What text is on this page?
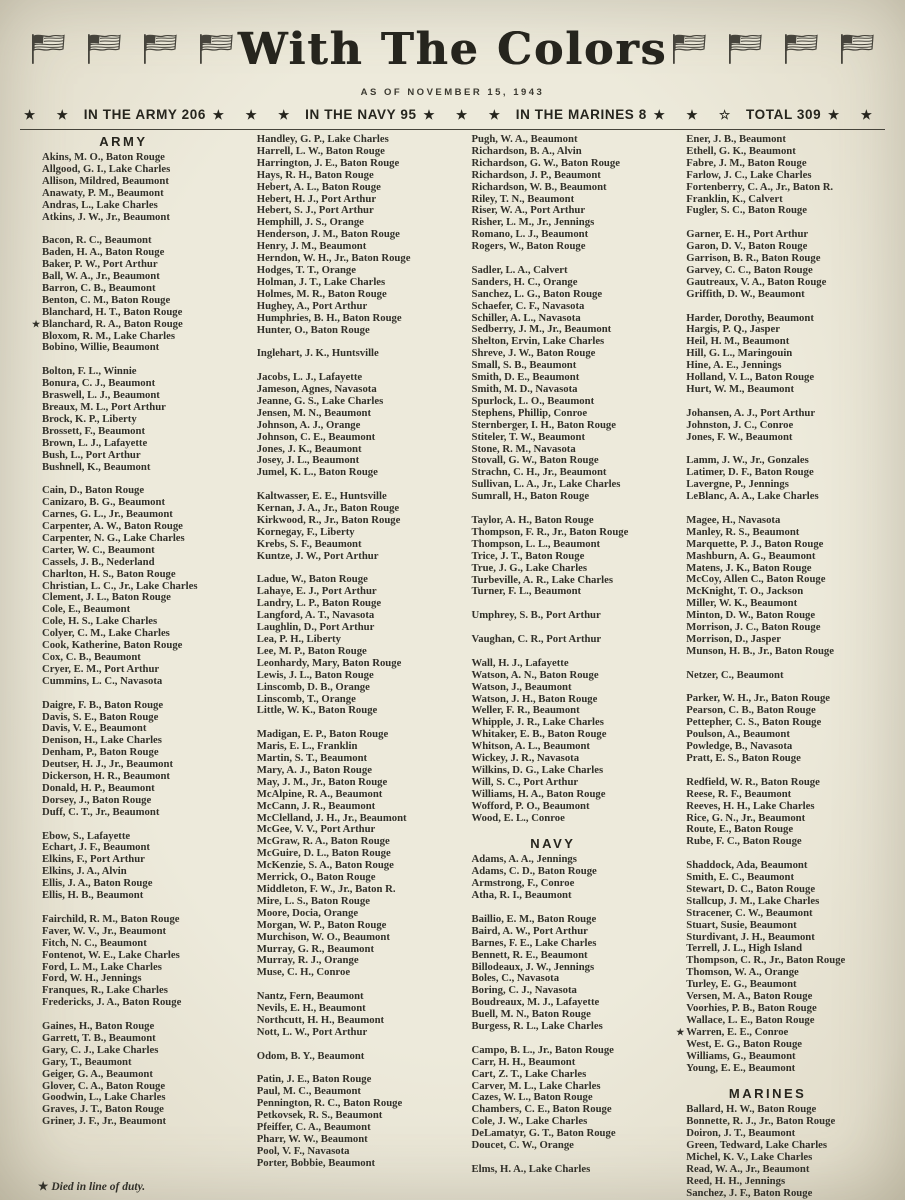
With The Colors
AS OF NOVEMBER 15, 1943
★ ★ IN THE ARMY 206 ★ ★ ★ IN THE NAVY 95 ★ ★ ★ IN THE MARINES 8 ★ ★ ☆ TOTAL 309 ★ ★
ARMY
Akins, M. O., Baton Rouge
Allgood, G. I., Lake Charles
Allison, Mildred, Beaumont
Anawaty, P. M., Beaumont
Andras, L., Lake Charles
Atkins, J. W., Jr., Beaumont
Bacon, R. C., Beaumont
Baden, H. A., Baton Rouge
Baker, P. W., Port Arthur
Ball, W. A., Jr., Beaumont
Barron, C. B., Beaumont
Benton, C. M., Baton Rouge
Blanchard, H. T., Baton Rouge
★ Blanchard, R. A., Baton Rouge
Bloxom, R. M., Lake Charles
Bobino, Willie, Beaumont
Bolton, F. L., Winnie
Bonura, C. J., Beaumont
Braswell, L. J., Beaumont
Breaux, M. L., Port Arthur
Brock, K. P., Liberty
Brossett, F., Beaumont
Brown, L. J., Lafayette
Bush, L., Port Arthur
Bushnell, K., Beaumont
Cain, D., Baton Rouge
Canizaro, B. G., Beaumont
Carnes, G. L., Jr., Beaumont
Carpenter, A. W., Baton Rouge
Carpenter, N. G., Lake Charles
Carter, W. C., Beaumont
Cassels, J. B., Nederland
Charlton, H. S., Baton Rouge
Christian, L. C., Jr., Lake Charles
Clement, J. L., Baton Rouge
Cole, E., Beaumont
Cole, H. S., Lake Charles
Colyer, C. M., Lake Charles
Cook, Katherine, Baton Rouge
Cox, C. B., Beaumont
Cryer, E. M., Port Arthur
Cummins, L. C., Navasota
Daigre, F. B., Baton Rouge
Davis, S. E., Baton Rouge
Davis, V. E., Beaumont
Denison, H., Lake Charles
Denham, P., Baton Rouge
Deutser, H. J., Jr., Beaumont
Dickerson, H. R., Beaumont
Donald, H. P., Beaumont
Dorsey, J., Baton Rouge
Duff, C. T., Jr., Beaumont
Ebow, S., Lafayette
Echart, J. F., Beaumont
Elkins, F., Port Arthur
Elkins, J. A., Alvin
Ellis, J. A., Baton Rouge
Ellis, H. B., Beaumont
Fairchild, R. M., Baton Rouge
Faver, W. V., Jr., Beaumont
Fitch, N. C., Beaumont
Fontenot, W. E., Lake Charles
Ford, L. M., Lake Charles
Ford, W. H., Jennings
Franques, R., Lake Charles
Fredericks, J. A., Baton Rouge
Gaines, H., Baton Rouge
Garrett, T. B., Beaumont
Gary, C. J., Lake Charles
Gary, T., Beaumont
Geiger, G. A., Beaumont
Glover, C. A., Baton Rouge
Goodwin, L., Lake Charles
Graves, J. T., Baton Rouge
Griner, J. F., Jr., Beaumont
Handley, G. P., Lake Charles
Harrell, L. W., Baton Rouge
Harrington, J. E., Baton Rouge
Hays, R. H., Baton Rouge
Hebert, A. L., Baton Rouge
Hebert, H. J., Port Arthur
Hebert, S. J., Port Arthur
Hemphill, J. S., Orange
Henderson, J. M., Baton Rouge
Henry, J. M., Beaumont
Herndon, W. H., Jr., Baton Rouge
Hodges, T. T., Orange
Holman, J. T., Lake Charles
Holmes, M. R., Baton Rouge
Hughey, A., Port Arthur
Humphries, B. H., Baton Rouge
Hunter, O., Baton Rouge
Inglehart, J. K., Huntsville
Jacobs, L. J., Lafayette
Jameson, Agnes, Navasota
Jeanne, G. S., Lake Charles
Jensen, M. N., Beaumont
Johnson, A. J., Orange
Johnson, C. E., Beaumont
Jones, J. K., Beaumont
Josey, J. L., Beaumont
Jumel, K. L., Baton Rouge
Kaltwasser, E. E., Huntsville
Kernan, J. A., Jr., Baton Rouge
Kirkwood, R., Jr., Baton Rouge
Kornegay, F., Liberty
Krebs, S. F., Beaumont
Kuntze, J. W., Port Arthur
Ladue, W., Baton Rouge
Lahaye, E. J., Port Arthur
Landry, L. P., Baton Rouge
Langford, A. T., Navasota
Laughlin, D., Port Arthur
Lea, P. H., Liberty
Lee, M. P., Baton Rouge
Leonhardy, Mary, Baton Rouge
Lewis, J. L., Baton Rouge
Linscomb, D. B., Orange
Linscomb, T., Orange
Little, W. K., Baton Rouge
Madigan, E. P., Baton Rouge
Maris, E. L., Franklin
Martin, S. T., Beaumont
Mary, A. J., Baton Rouge
May, J. M., Jr., Baton Rouge
McAlpine, R. A., Beaumont
McCann, J. R., Beaumont
McClelland, J. H., Jr., Beaumont
McGee, V. V., Port Arthur
McGraw, R. A., Baton Rouge
McGuire, D. L., Baton Rouge
McKenzie, S. A., Baton Rouge
Merrick, O., Baton Rouge
Middleton, F. W., Jr., Baton R.
Mire, L. S., Baton Rouge
Moore, Docia, Orange
Morgan, W. P., Baton Rouge
Murchison, W. O., Beaumont
Murray, G. R., Beaumont
Murray, R. J., Orange
Muse, C. H., Conroe
Nantz, Fern, Beaumont
Nevils, E. H., Beaumont
Northcutt, H. H., Beaumont
Nott, L. W., Port Arthur
Odom, B. Y., Beaumont
Patin, J. E., Baton Rouge
Paul, M. C., Beaumont
Pennington, R. C., Baton Rouge
Petkovsek, R. S., Beaumont
Pfeiffer, C. A., Beaumont
Pharr, W. W., Beaumont
Pool, V. F., Navasota
Porter, Bobbie, Beaumont
Pugh, W. A., Beaumont
Richardson, B. A., Alvin
Richardson, G. W., Baton Rouge
Richardson, J. P., Beaumont
Richardson, W. B., Beaumont
Riley, T. N., Beaumont
Riser, W. A., Port Arthur
Risher, L. M., Jr., Jennings
Romano, L. J., Beaumont
Rogers, W., Baton Rouge
Sadler, L. A., Calvert
Sanders, H. C., Orange
Sanchez, L. G., Baton Rouge
Schaefer, C. F., Navasota
Schiller, A. L., Navasota
Sedberry, J. M., Jr., Beaumont
Shelton, Ervin, Lake Charles
Shreve, J. W., Baton Rouge
Small, S. B., Beaumont
Smith, D. E., Beaumont
Smith, M. D., Navasota
Spurlock, L. O., Beaumont
Stephens, Phillip, Conroe
Sternberger, I. H., Baton Rouge
Stiteler, T. W., Beaumont
Stone, R. M., Navasota
Stovall, G. W., Baton Rouge
Strachn, C. H., Jr., Beaumont
Sullivan, L. A., Jr., Lake Charles
Sumrall, H., Baton Rouge
Taylor, A. H., Baton Rouge
Thompson, F. R., Jr., Baton Rouge
Thompson, L. L., Beaumont
Trice, J. T., Baton Rouge
True, J. G., Lake Charles
Turbeville, A. R., Lake Charles
Turner, F. L., Beaumont
Umphrey, S. B., Port Arthur
Vaughan, C. R., Port Arthur
Wall, H. J., Lafayette
Watson, A. N., Baton Rouge
Watson, J., Beaumont
Watson, J. H., Baton Rouge
Weller, F. R., Beaumont
Whipple, J. R., Lake Charles
Whitaker, E. B., Baton Rouge
Whitson, A. L., Beaumont
Wickey, J. R., Navasota
Wilkins, D. G., Lake Charles
Will, S. C., Port Arthur
Williams, H. A., Baton Rouge
Wofford, P. O., Beaumont
Wood, E. L., Conroe
NAVY
Adams, A. A., Jennings
Adams, C. D., Baton Rouge
Armstrong, F., Conroe
Atha, R. I., Beaumont
Baillio, E. M., Baton Rouge
Baird, A. W., Port Arthur
Barnes, F. E., Lake Charles
Bennett, R. E., Beaumont
Billodeaux, J. W., Jennings
Boles, C., Navasota
Boring, C. J., Navasota
Boudreaux, M. J., Lafayette
Buell, M. N., Baton Rouge
Burgess, R. L., Lake Charles
Campo, B. L., Jr., Baton Rouge
Carr, H. H., Beaumont
Cart, Z. T., Lake Charles
Carver, M. L., Lake Charles
Cazes, W. L., Baton Rouge
Chambers, C. E., Baton Rouge
Cole, J. W., Lake Charles
DeLamatyr, G. T., Baton Rouge
Doucet, C. W., Orange
Elms, H. A., Lake Charles
Ener, J. B., Beaumont
Ethell, G. K., Beaumont
Fabre, J. M., Baton Rouge
Farlow, J. C., Lake Charles
Fortenberry, C. A., Jr., Baton R.
Franklin, K., Calvert
Fugler, S. C., Baton Rouge
Garner, E. H., Port Arthur
Garon, D. V., Baton Rouge
Garrison, B. R., Baton Rouge
Garvey, C. C., Baton Rouge
Gautreaux, V. A., Baton Rouge
Griffith, D. W., Beaumont
Harder, Dorothy, Beaumont
Hargis, P. Q., Jasper
Heil, H. M., Beaumont
Hill, G. L., Maringouin
Hine, A. E., Jennings
Holland, V. L., Baton Rouge
Hurt, W. M., Beaumont
Johansen, A. J., Port Arthur
Johnston, J. C., Conroe
Jones, F. W., Beaumont
Lamm, J. W., Jr., Gonzales
Latimer, D. F., Baton Rouge
Lavergne, P., Jennings
LeBlanc, A. A., Lake Charles
Magee, H., Navasota
Manley, R. S., Beaumont
Marquette, P. J., Baton Rouge
Mashburn, A. G., Beaumont
Matens, J. K., Baton Rouge
McCoy, Allen C., Baton Rouge
McKnight, T. O., Jackson
Miller, W. K., Beaumont
Minton, D. W., Baton Rouge
Morrison, J. C., Baton Rouge
Morrison, D., Jasper
Munson, H. B., Jr., Baton Rouge
Netzer, C., Beaumont
Parker, W. H., Jr., Baton Rouge
Pearson, C. B., Baton Rouge
Pettepher, C. S., Baton Rouge
Poulson, A., Beaumont
Powledge, B., Navasota
Pratt, E. S., Baton Rouge
Redfield, W. R., Baton Rouge
Reese, R. F., Beaumont
Reeves, H. H., Lake Charles
Rice, G. N., Jr., Beaumont
Route, E., Baton Rouge
Rube, F. C., Baton Rouge
Shaddock, Ada, Beaumont
Smith, E. C., Beaumont
Stewart, D. C., Baton Rouge
Stallcup, J. M., Lake Charles
Stracener, C. W., Beaumont
Stuart, Susie, Beaumont
Sturdivant, J. H., Beaumont
Terrell, J. L., High Island
Thompson, C. R., Jr., Baton Rouge
Thomson, W. A., Orange
Turley, E. G., Beaumont
Versen, M. A., Baton Rouge
Voorhies, P. B., Baton Rouge
Wallace, L. E., Baton Rouge
★ Warren, E. E., Conroe
West, E. G., Baton Rouge
Williams, G., Beaumont
Young, E. E., Beaumont
MARINES
Ballard, H. W., Baton Rouge
Bonnette, R. J., Jr., Baton Rouge
Doiron, J. T., Beaumont
Green, Tedward, Lake Charles
Michel, K. V., Lake Charles
Read, W. A., Jr., Beaumont
Reed, H. H., Jennings
Sanchez, J. F., Baton Rouge
★ Died in line of duty.
